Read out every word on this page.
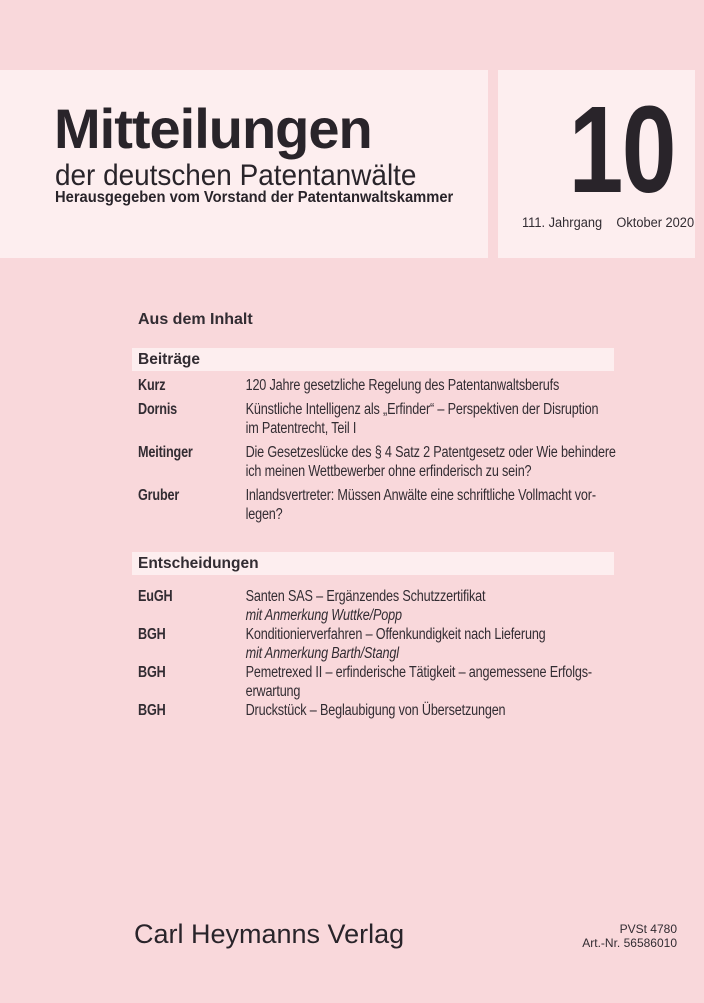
Mitteilungen
der deutschen Patentanwälte
Herausgegeben vom Vorstand der Patentanwaltskammer 10
111. Jahrgang Oktober 2020
Aus dem Inhalt
Beiträge
Kurz	120 Jahre gesetzliche Regelung des Patentanwaltsberufs
Dornis	Künstliche Intelligenz als „Erfinder“ – Perspektiven der Disruption
im Patentrecht, Teil I
Meitinger	Die Gesetzeslücke des § 4 Satz 2 Patentgesetz oder Wie behindere
ich meinen Wettbewerber ohne erfinderisch zu sein?
Gruber	Inlandsvertreter: Müssen Anwälte eine schriftliche Vollmacht vor-
legen?
Entscheidungen
EuGH	Santen SAS – Ergänzendes Schutzzertifikat
mit Anmerkung Wuttke/Popp
BGH	Konditionierverfahren – Offenkundigkeit nach Lieferung
mit Anmerkung Barth/Stangl
BGH	Pemetrexed II – erfinderische Tätigkeit – angemessene Erfolgs-
erwartung
BGH	Druckstück – Beglaubigung von Übersetzungen
Carl Heymanns Verlag	PVSt 4780
Art.-Nr. 56586010
